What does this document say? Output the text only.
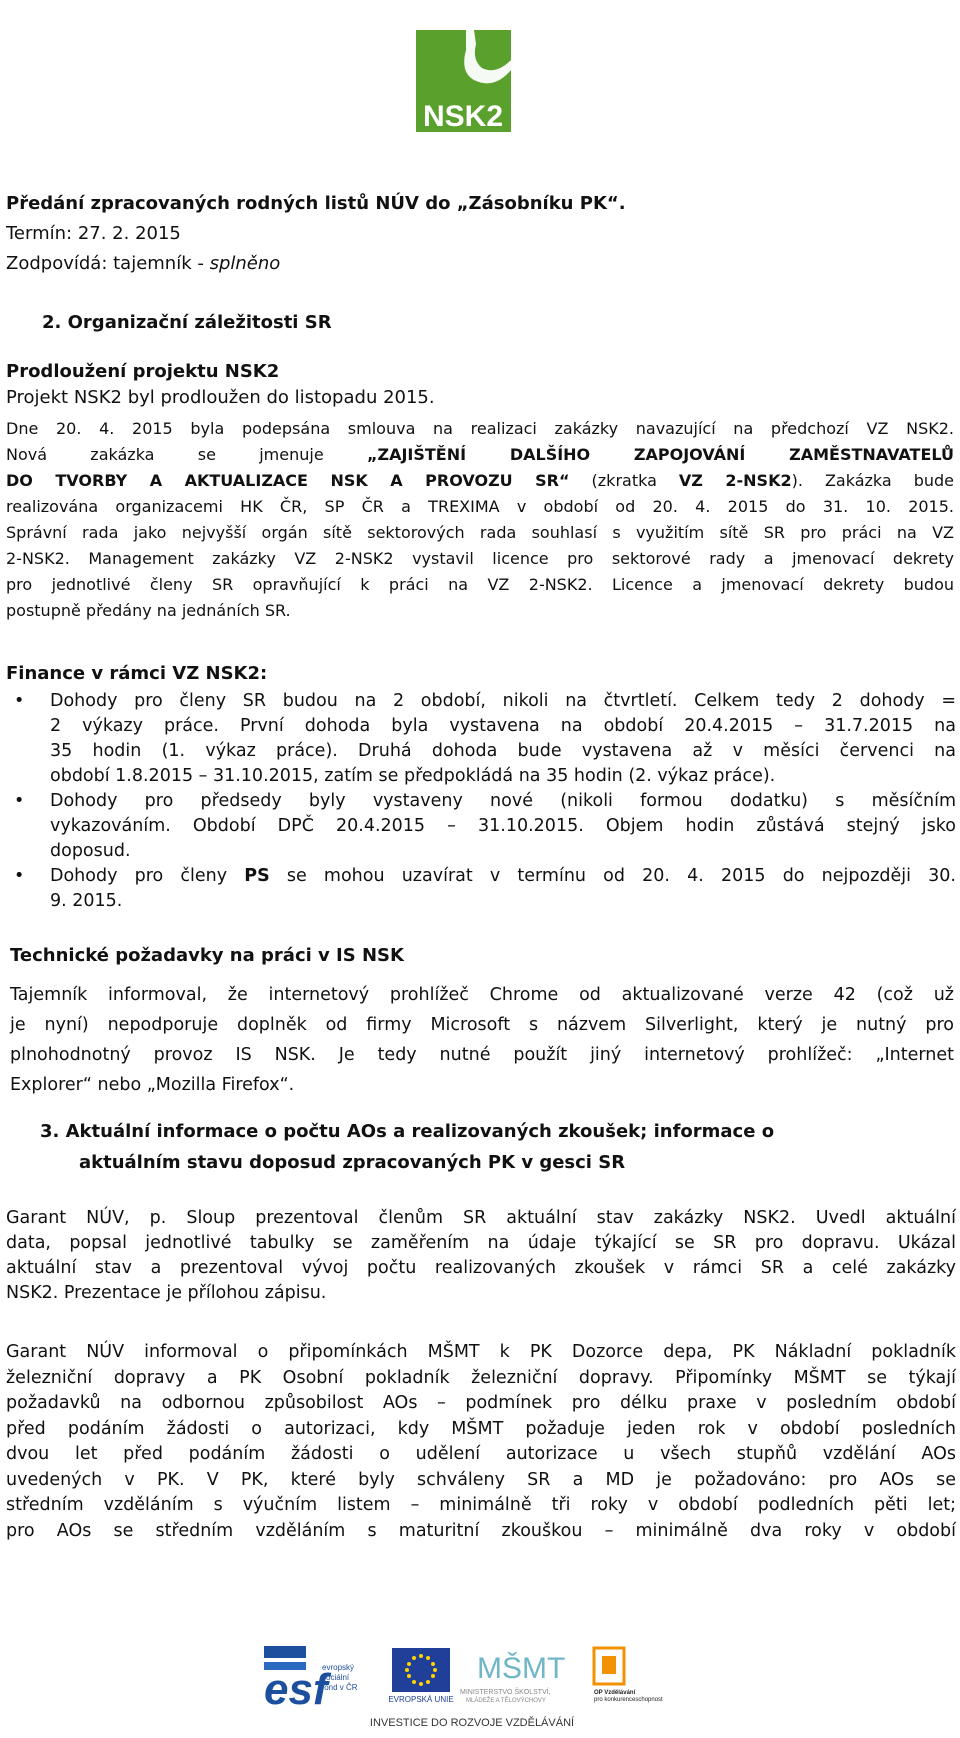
NSK2
Předání zpracovaných rodných listů NÚV do „Zásobníku PK“.
Termín: 27. 2. 2015
Zodpovídá: tajemník - splněno
2. Organizační záležitosti SR
Prodloužení projektu NSK2
Projekt NSK2 byl prodloužen do listopadu 2015.
Dne 20. 4. 2015 byla podepsána smlouva na realizaci zakázky navazující na předchozí VZ NSK2.
Nová zakázka se jmenuje	„ZAJIŠTĚNÍ DALŠÍHO ZAPOJOVÁNÍ ZAMĚSTNAVATELŮ
DO TVORBY A AKTUALIZACE NSK A PROVOZU SR“ (zkratka VZ 2-NSK2). Zakázka bude
realizována organizacemi HK ČR, SP ČR a TREXIMA v období od 20. 4. 2015 do 31. 10. 2015.
Správní rada jako nejvyšší orgán sítě sektorových rada souhlasí s využitím sítě SR pro práci na VZ
2-NSK2. Management zakázky VZ 2-NSK2 vystavil licence pro sektorové rady a jmenovací dekrety
pro jednotlivé členy SR opravňující k práci na VZ 2-NSK2. Licence a jmenovací dekrety budou
postupně předány na jednáních SR.
Finance v rámci VZ NSK2:
• Dohody pro členy SR budou na 2 období, nikoli na čtvrtletí. Celkem tedy 2 dohody =
2 výkazy práce. První dohoda byla vystavena na období 20.4.2015 – 31.7.2015 na
35 hodin (1. výkaz práce). Druhá dohoda bude vystavena až v měsíci červenci na
období 1.8.2015 – 31.10.2015, zatím se předpokládá na 35 hodin (2. výkaz práce).
• Dohody pro předsedy byly vystaveny nové (nikoli formou dodatku) s měsíčním
vykazováním. Období DPČ 20.4.2015 – 31.10.2015. Objem hodin zůstává stejný jsko
doposud.
• Dohody pro členy PS se mohou uzavírat v termínu od 20. 4. 2015 do nejpozději 30.
9. 2015.
Technické požadavky na práci v IS NSK
Tajemník informoval, že internetový prohlížeč Chrome od aktualizované verze 42 (což už
je nyní) nepodporuje doplněk od firmy Microsoft s názvem Silverlight, který je nutný pro
plnohodnotný provoz IS NSK. Je tedy nutné použít jiný internetový prohlížeč: „Internet
Explorer“ nebo „Mozilla Firefox“.
3. Aktuální informace o počtu AOs a realizovaných zkoušek; informace o
aktuálním stavu doposud zpracovaných PK v gesci SR
Garant NÚV, p. Sloup prezentoval členům SR aktuální stav zakázky NSK2. Uvedl aktuální
data, popsal jednotlivé tabulky se zaměřením na údaje týkající se SR pro dopravu. Ukázal
aktuální stav a prezentoval vývoj počtu realizovaných zkoušek v rámci SR a celé zakázky
NSK2. Prezentace je přílohou zápisu.
Garant NÚV informoval o připomínkách MŠMT k PK Dozorce depa, PK Nákladní pokladník
železniční dopravy a PK Osobní pokladník železniční dopravy. Připomínky MŠMT se týkají
požadavků na odbornou způsobilost AOs – podmínek pro délku praxe v posledním období
před podáním žádosti o autorizaci, kdy MŠMT požaduje jeden rok v období posledních
dvou let před podáním žádosti o udělení autorizace u všech stupňů vzdělání AOs
uvedených v PK. V PK, které byly schváleny SR a MD je požadováno: pro AOs se
středním vzděláním s výučním listem – minimálně tři roky v období podledních pěti let;
pro AOs se středním vzděláním s maturitní zkouškou – minimálně dva roky v období
esf
evropský
sociální
fond v ČR
EVROPSKÁ UNIE
MŠMT
MINISTERSTVO ŠKOLSTVÍ,
MLÁDEŽE A TĚLOVÝCHOVY
OP Vzdělávání
pro konkurenceschopnost
INVESTICE DO ROZVOJE VZDĚLÁVÁNÍ
